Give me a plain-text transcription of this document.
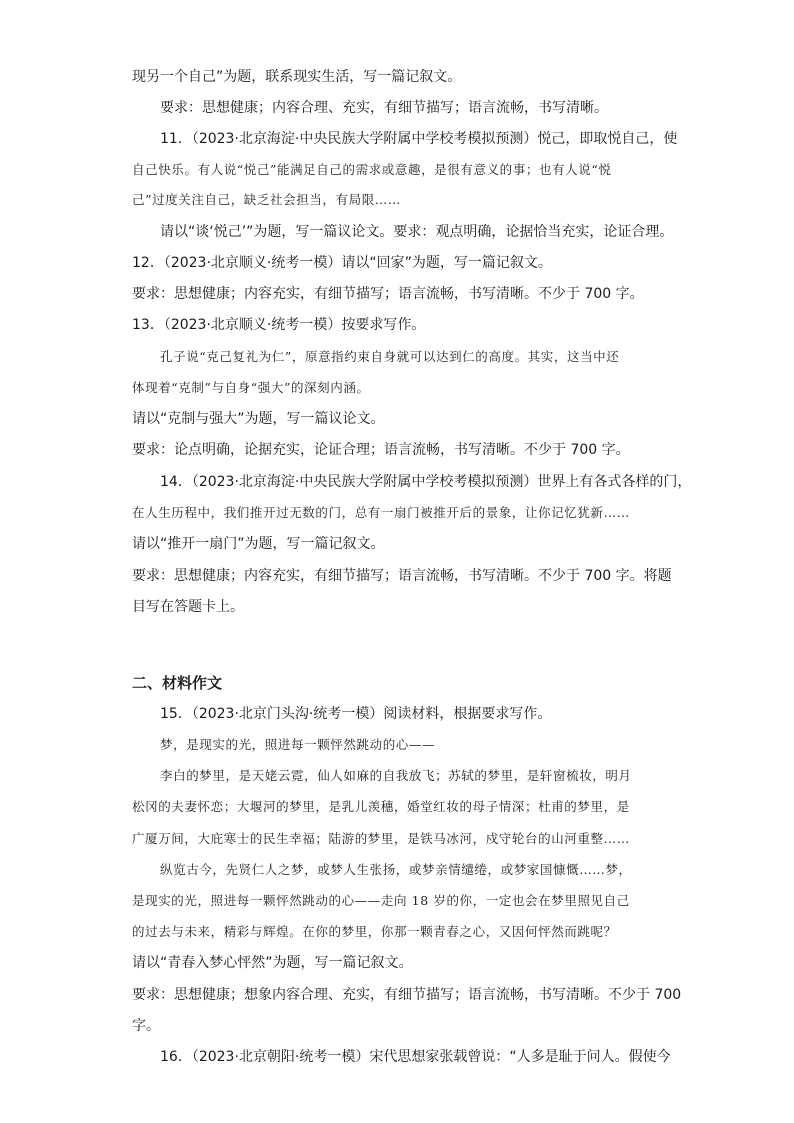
现另一个自己”为题，联系现实生活，写一篇记叙文。
要求：思想健康；内容合理、充实，有细节描写；语言流畅，书写清晰。
11．（2023·北京海淀·中央民族大学附属中学校考模拟预测）悦己，即取悦自己，使
自己快乐。有人说“悦己”能满足自己的需求或意趣，是很有意义的事；也有人说“悦
己”过度关注自己，缺乏社会担当，有局限……
请以“谈‘悦己’”为题，写一篇议论文。要求：观点明确，论据恰当充实，论证合理。
12．（2023·北京顺义·统考一模）请以“回家”为题，写一篇记叙文。
要求：思想健康；内容充实，有细节描写；语言流畅，书写清晰。不少于 700 字。
13．（2023·北京顺义·统考一模）按要求写作。
孔子说“克己复礼为仁”，原意指约束自身就可以达到仁的高度。其实，这当中还
体现着“克制”与自身“强大”的深刻内涵。
请以“克制与强大”为题，写一篇议论文。
要求：论点明确，论据充实，论证合理；语言流畅，书写清晰。不少于 700 字。
14．（2023·北京海淀·中央民族大学附属中学校考模拟预测）世界上有各式各样的门，
在人生历程中，我们推开过无数的门，总有一扇门被推开后的景象，让你记忆犹新……
请以“推开一扇门”为题，写一篇记叙文。
要求：思想健康；内容充实，有细节描写；语言流畅，书写清晰。不少于 700 字。将题
目写在答题卡上。
二、材料作文
15．（2023·北京门头沟·统考一模）阅读材料，根据要求写作。
梦，是现实的光，照进每一颗怦然跳动的心——
李白的梦里，是天姥云霓，仙人如麻的自我放飞；苏轼的梦里，是轩窗梳妆，明月
松冈的夫妻怀恋；大堰河的梦里，是乳儿羡穗，婚堂红妆的母子情深；杜甫的梦里，是
广厦万间，大庇寒士的民生幸福；陆游的梦里，是铁马冰河，戍守轮台的山河重整……
纵览古今，先贤仁人之梦，或梦人生张扬，或梦亲情缱绻，或梦家国慷慨……梦，
是现实的光，照进每一颗怦然跳动的心——走向 18 岁的你，一定也会在梦里照见自己
的过去与未来，精彩与辉煌。在你的梦里，你那一颗青春之心，又因何怦然而跳呢？
请以“青春入梦心怦然”为题，写一篇记叙文。
要求：思想健康；想象内容合理、充实，有细节描写；语言流畅，书写清晰。不少于 700
字。
16．（2023·北京朝阳·统考一模）宋代思想家张载曾说：“人多是耻于问人。假使今
